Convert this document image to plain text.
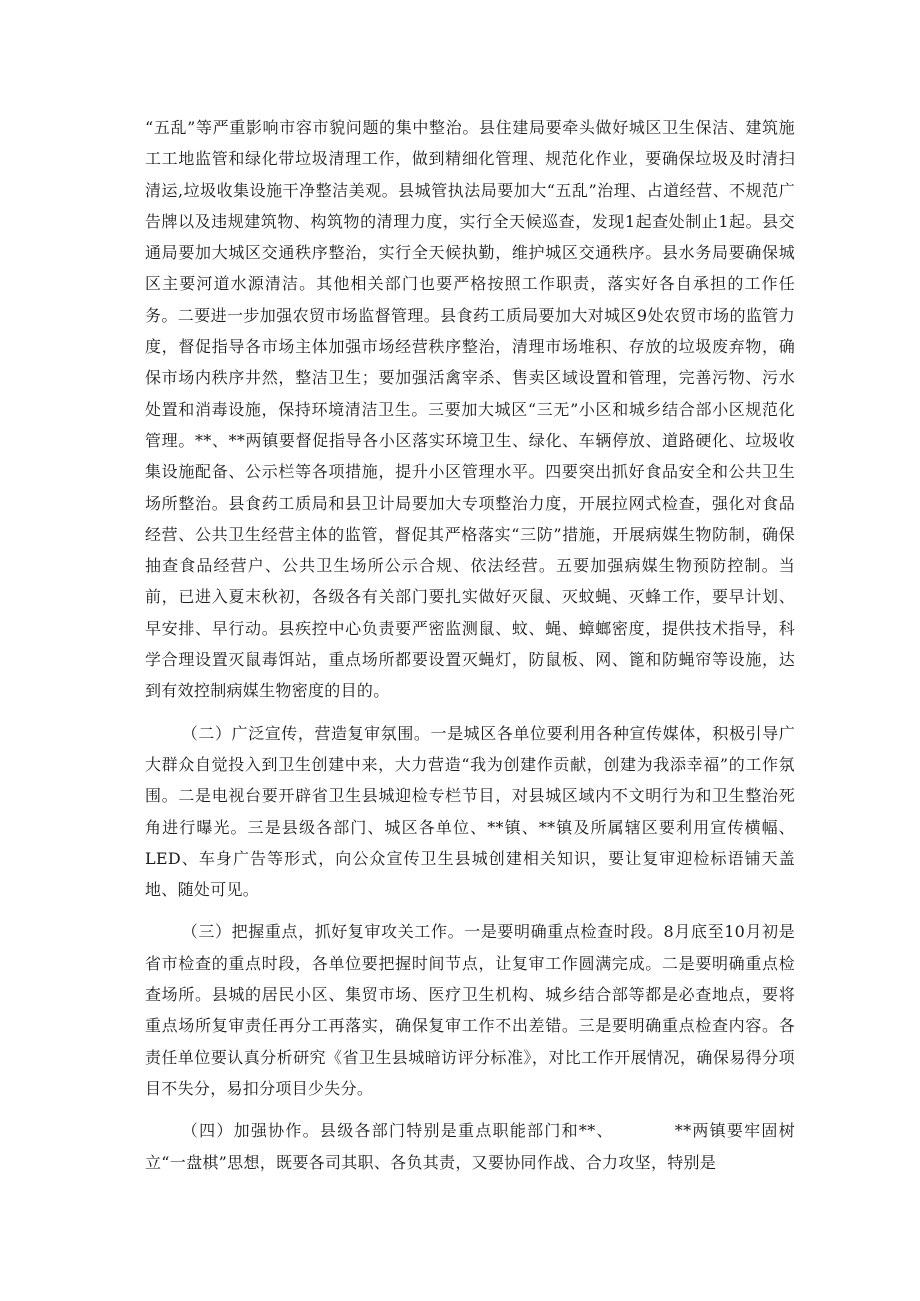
“五乱”等严重影响市容市貌问题的集中整治。县住建局要牵头做好城区卫生保洁、建筑施工工地监管和绿化带垃圾清理工作，做到精细化管理、规范化作业，要确保垃圾及时清扫清运,垃圾收集设施干净整洁美观。县城管执法局要加大“五乱”治理、占道经营、不规范广告牌以及违规建筑物、构筑物的清理力度，实行全天候巡查，发现1起查处制止1起。县交通局要加大城区交通秩序整治，实行全天候执勤，维护城区交通秩序。县水务局要确保城区主要河道水源清洁。其他相关部门也要严格按照工作职责，落实好各自承担的工作任务。二要进一步加强农贸市场监督管理。县食药工质局要加大对城区9处农贸市场的监管力度，督促指导各市场主体加强市场经营秩序整治，清理市场堆积、存放的垃圾废弃物，确保市场内秩序井然，整洁卫生；要加强活禽宰杀、售卖区域设置和管理，完善污物、污水处置和消毒设施，保持环境清洁卫生。三要加大城区“三无”小区和城乡结合部小区规范化管理。**、**两镇要督促指导各小区落实环境卫生、绿化、车辆停放、道路硬化、垃圾收集设施配备、公示栏等各项措施，提升小区管理水平。四要突出抓好食品安全和公共卫生场所整治。县食药工质局和县卫计局要加大专项整治力度，开展拉网式检查，强化对食品经营、公共卫生经营主体的监管，督促其严格落实“三防”措施，开展病媒生物防制，确保抽查食品经营户、公共卫生场所公示合规、依法经营。五要加强病媒生物预防控制。当前，已进入夏末秋初，各级各有关部门要扎实做好灭鼠、灭蚊蝇、灭蜂工作，要早计划、早安排、早行动。县疾控中心负责要严密监测鼠、蚊、蝇、蟑螂密度，提供技术指导，科学合理设置灭鼠毒饵站，重点场所都要设置灭蝇灯，防鼠板、网、篦和防蝇帘等设施，达到有效控制病媒生物密度的目的。

（二）广泛宣传，营造复审氛围。一是城区各单位要利用各种宣传媒体，积极引导广大群众自觉投入到卫生创建中来，大力营造“我为创建作贡献，创建为我添幸福”的工作氛围。二是电视台要开辟省卫生县城迎检专栏节目，对县城区域内不文明行为和卫生整治死角进行曝光。三是县级各部门、城区各单位、**镇、**镇及所属辖区要利用宣传横幅、LED、车身广告等形式，向公众宣传卫生县城创建相关知识，要让复审迎检标语铺天盖地、随处可见。

（三）把握重点，抓好复审攻关工作。一是要明确重点检查时段。8月底至10月初是省市检查的重点时段，各单位要把握时间节点，让复审工作圆满完成。二是要明确重点检查场所。县城的居民小区、集贸市场、医疗卫生机构、城乡结合部等都是必查地点，要将重点场所复审责任再分工再落实，确保复审工作不出差错。三是要明确重点检查内容。各责任单位要认真分析研究《省卫生县城暗访评分标准》，对比工作开展情况，确保易得分项目不失分，易扣分项目少失分。

（四）加强协作。县级各部门特别是重点职能部门和**、　　　　**两镇要牢固树立“一盘棋”思想，既要各司其职、各负其责，又要协同作战、合力攻坚，特别是
